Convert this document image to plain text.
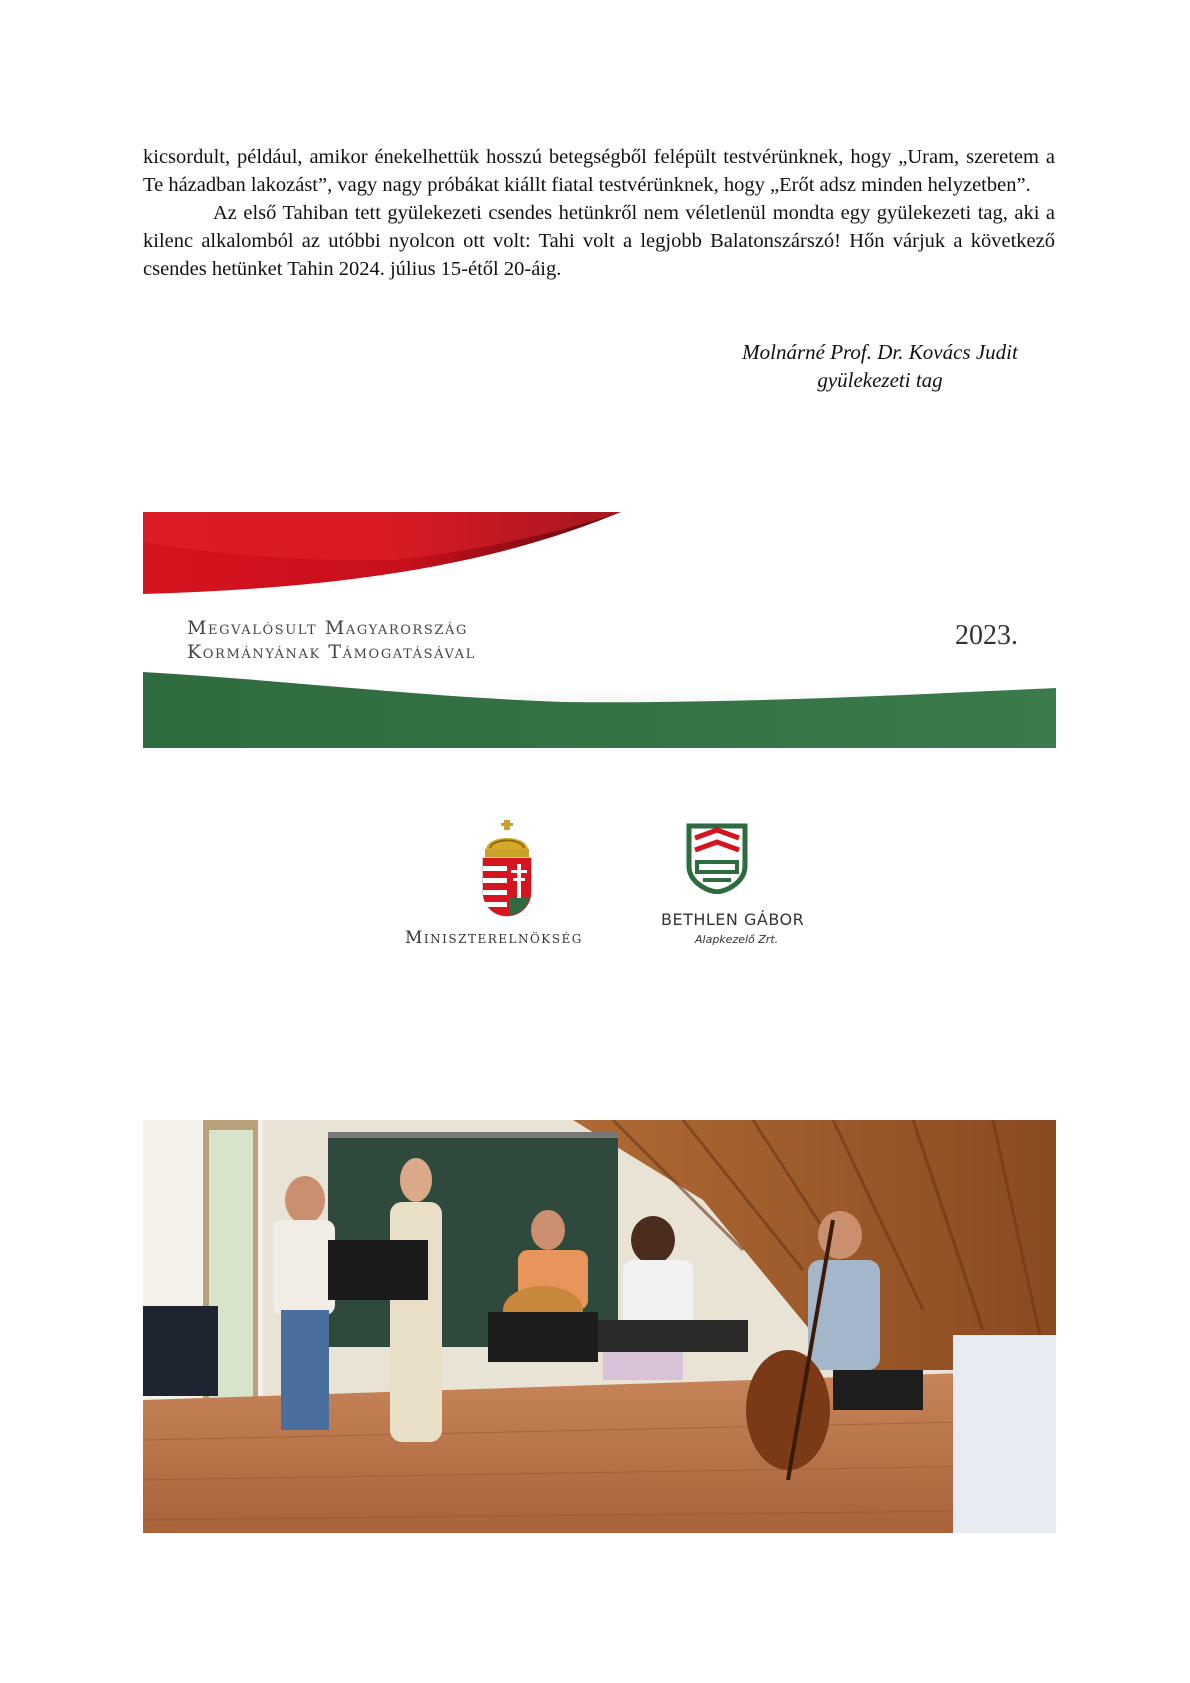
kicsordult, például, amikor énekelhettük hosszú betegségből felépült testvérünknek, hogy „Uram, szeretem a Te házadban lakozást”, vagy nagy próbákat kiállt fiatal testvérünknek, hogy „Erőt adsz minden helyzetben”.

Az első Tahiban tett gyülekezeti csendes hetünkről nem véletlenül mondta egy gyülekezeti tag, aki a kilenc alkalomból az utóbbi nyolcon ott volt: Tahi volt a legjobb Balatonszárszó! Hőn várjuk a következő csendes hetünket Tahin 2024. július 15-étől 20-áig.

Molnárné Prof. Dr. Kovács Judit
gyülekezeti tag
Megvalósult Magyarország
Kormányának Támogatásával
2023.
Miniszterelnökség
BETHLEN GÁBOR
Alapkezelő Zrt.
